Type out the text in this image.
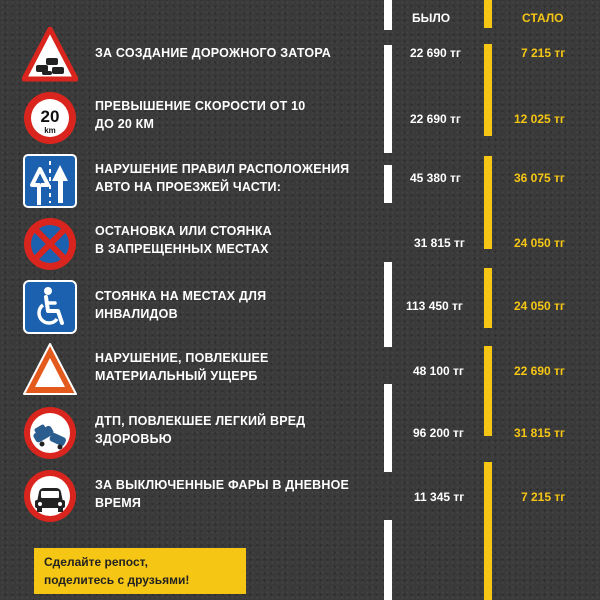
БЫЛО	СТАЛО
ЗА СОЗДАНИЕ ДОРОЖНОГО ЗАТОРА	22 690 тг	7 215 тг
20
km
ПРЕВЫШЕНИЕ СКОРОСТИ ОТ 10
ДО 20 КМ	22 690 тг	12 025 тг
НАРУШЕНИЕ ПРАВИЛ РАСПОЛОЖЕНИЯ
АВТО НА ПРОЕЗЖЕЙ ЧАСТИ:
45 380 тг	36 075 тг
ОСТАНОВКА ИЛИ СТОЯНКА
В ЗАПРЕЩЕННЫХ МЕСТАХ	31 815 тг	24 050 тг
СТОЯНКА НА МЕСТАХ ДЛЯ
ИНВАЛИДОВ
113 450 тг	24 050 тг
НАРУШЕНИЕ, ПОВЛЕКШЕЕ
МАТЕРИАЛЬНЫЙ УЩЕРБ	48 100 тг	22 690 тг
ДТП, ПОВЛЕКШЕЕ ЛЕГКИЙ ВРЕД
ЗДОРОВЬЮ	96 200 тг	31 815 тг
ЗА ВЫКЛЮЧЕННЫЕ ФАРЫ В ДНЕВНОЕ
ВРЕМЯ	11 345 тг	7 215 тг
Сделайте репост,
поделитесь с друзьями!
